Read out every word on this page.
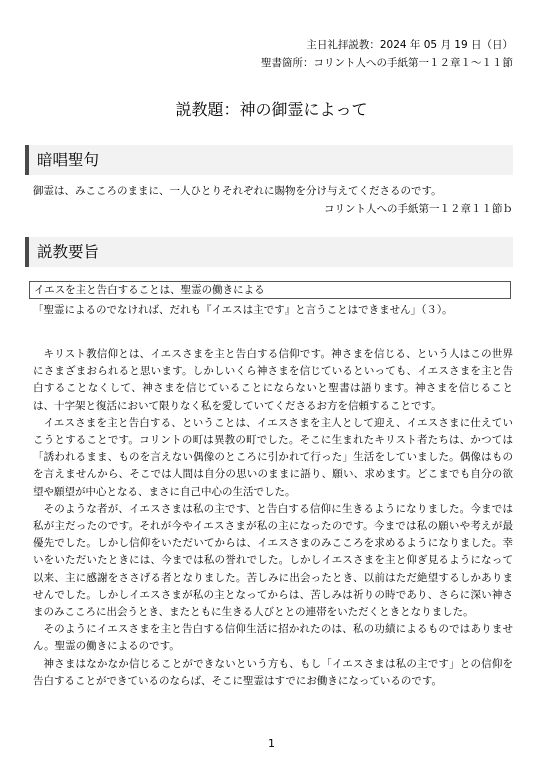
主日礼拝説教：2024 年 05 月 19 日（日）
聖書箇所：コリント人への手紙第一１２章１～１１節
説教題：神の御霊によって
暗唱聖句
御霊は、みこころのままに、一人ひとりそれぞれに賜物を分け与えてくださるのです。
コリント人への手紙第一１２章１１節ｂ
説教要旨
イエスを主と告白することは、聖霊の働きによる
「聖霊によるのでなければ、だれも『イエスは主です』と言うことはできません」（３）。

キリスト教信仰とは、イエスさまを主と告白する信仰です。神さまを信じる、という人はこの世界にさまざまおられると思います。しかしいくら神さまを信じているといっても、イエスさまを主と告白することなくして、神さまを信じていることにならないと聖書は語ります。神さまを信じることは、十字架と復活において限りなく私を愛していてくださるお方を信頼することです。

イエスさまを主と告白する、ということは、イエスさまを主人として迎え、イエスさまに仕えていこうとすることです。コリントの町は異教の町でした。そこに生まれたキリスト者たちは、かつては「誘われるまま、ものを言えない偶像のところに引かれて行った」生活をしていました。偶像はものを言えませんから、そこでは人間は自分の思いのままに語り、願い、求めます。どこまでも自分の欲望や願望が中心となる、まさに自己中心の生活でした。

そのような者が、イエスさまは私の主です、と告白する信仰に生きるようになりました。今までは私が主だったのです。それが今やイエスさまが私の主になったのです。今までは私の願いや考えが最優先でした。しかし信仰をいただいてからは、イエスさまのみこころを求めるようになりました。幸いをいただいたときには、今までは私の誉れでした。しかしイエスさまを主と仰ぎ見るようになって以来、主に感謝をささげる者となりました。苦しみに出会ったとき、以前はただ絶望するしかありませんでした。しかしイエスさまが私の主となってからは、苦しみは祈りの時であり、さらに深い神さまのみこころに出会うとき、またともに生きる人びととの連帯をいただくときとなりました。

そのようにイエスさまを主と告白する信仰生活に招かれたのは、私の功績によるものではありません。聖霊の働きによるのです。

神さまはなかなか信じることができないという方も、もし「イエスさまは私の主です」との信仰を告白することができているのならば、そこに聖霊はすでにお働きになっているのです。

1
